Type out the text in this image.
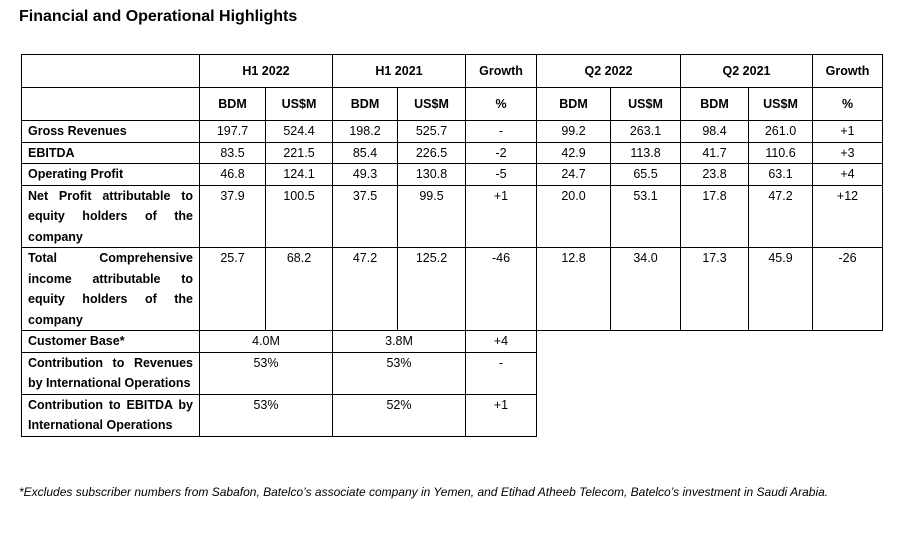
Financial and Operational Highlights
	H1 2022		H1 2021		Growth	Q2 2022		Q2 2021		Growth
	BDM	US$M	BDM	US$M	%	BDM	US$M	BDM	US$M	%
Gross Revenues	197.7	524.4	198.2	525.7	-	99.2	263.1	98.4	261.0	+1
EBITDA	83.5	221.5	85.4	226.5	-2	42.9	113.8	41.7	110.6	+3
Operating Profit	46.8	124.1	49.3	130.8	-5	24.7	65.5	23.8	63.1	+4
Net Profit attributable to equity holders of the company	37.9	100.5	37.5	99.5	+1	20.0	53.1	17.8	47.2	+12
Total Comprehensive income attributable to equity holders of the company	25.7	68.2	47.2	125.2	-46	12.8	34.0	17.3	45.9	-26
Customer Base*	4.0M		3.8M		+4					
Contribution to Revenues by International Operations	53%		53%		-					
Contribution to EBITDA by International Operations	53%		52%		+1					
*Excludes subscriber numbers from Sabafon, Batelco’s associate company in Yemen, and Etihad Atheeb Telecom, Batelco’s investment in Saudi Arabia.
